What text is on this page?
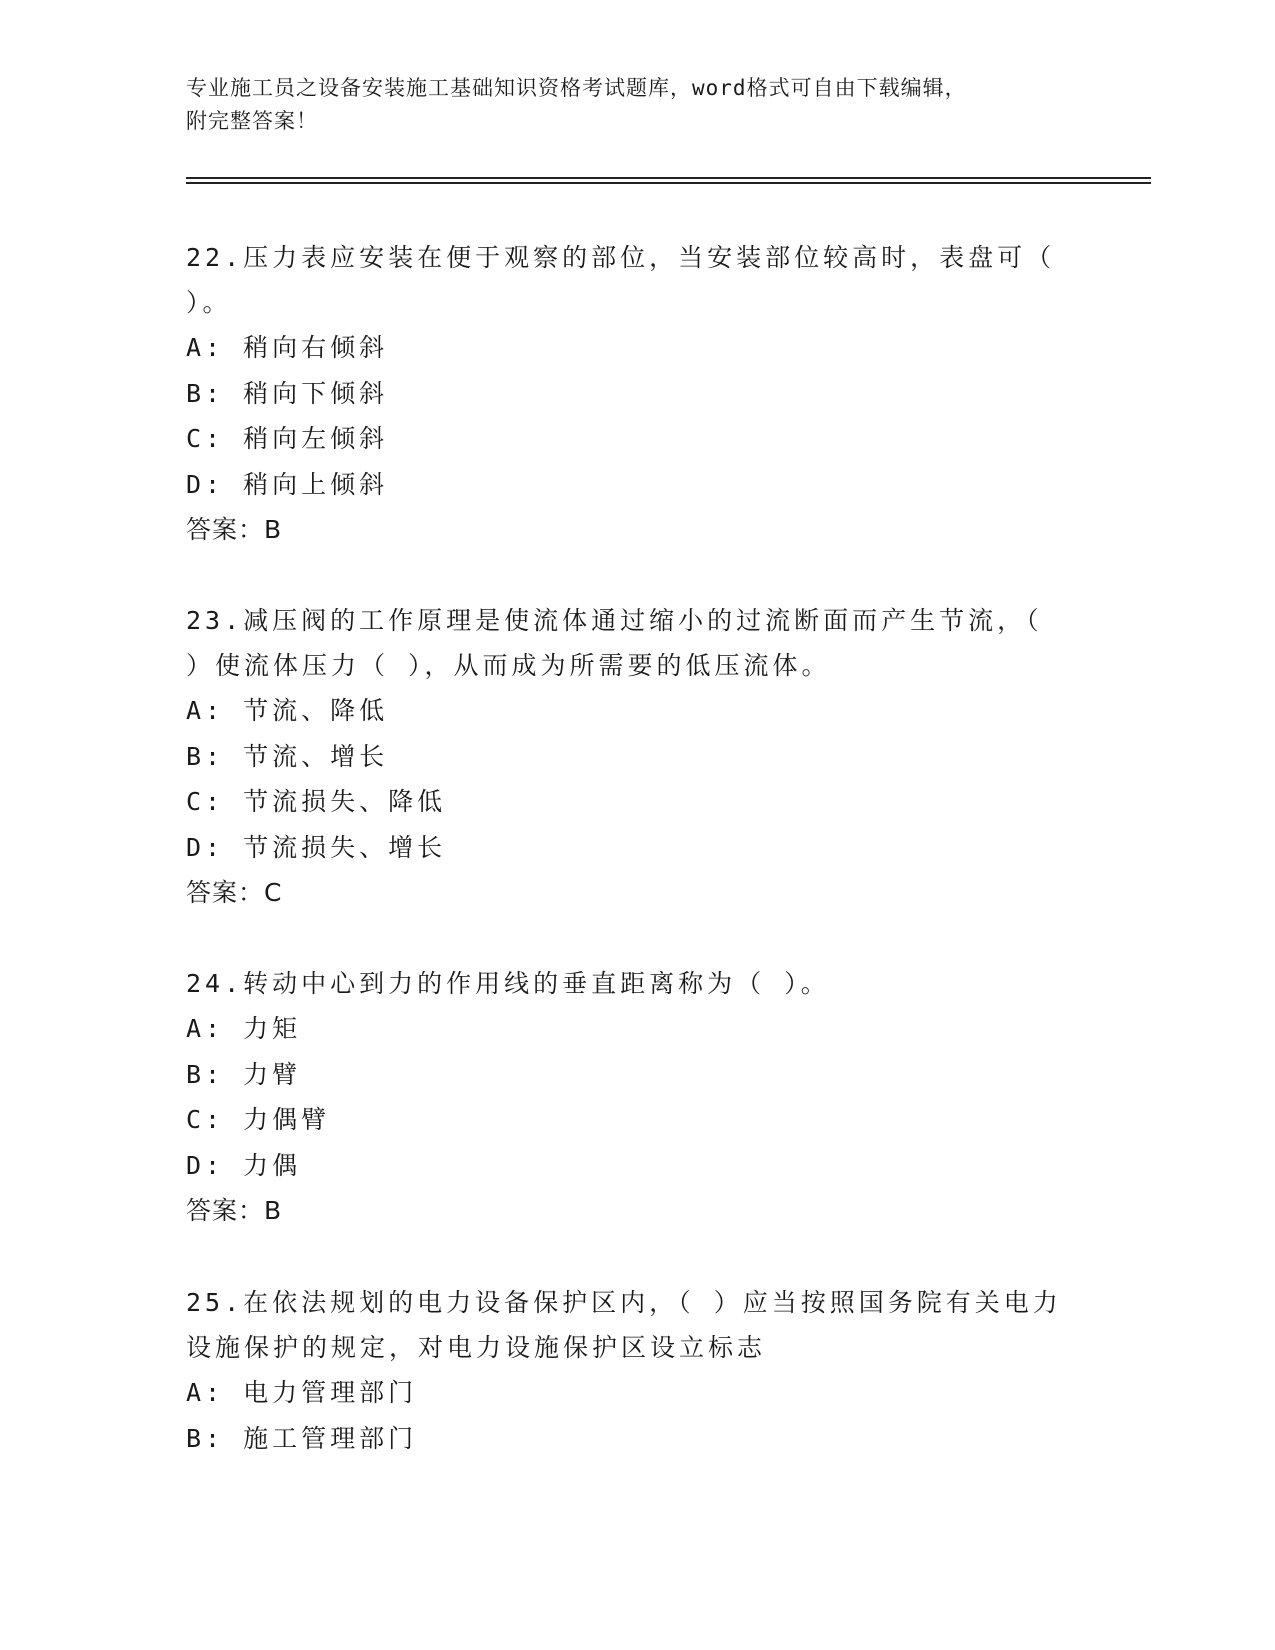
专业施工员之设备安装施工基础知识资格考试题库，word格式可自由下载编辑，
附完整答案！

22.压力表应安装在便于观察的部位，当安装部位较高时，表盘可（

）。

A: 稍向右倾斜

B: 稍向下倾斜

C: 稍向左倾斜

D: 稍向上倾斜

答案：B

23.减压阀的工作原理是使流体通过缩小的过流断面而产生节流，（

）使流体压力（ ），从而成为所需要的低压流体。

A: 节流、降低

B: 节流、增长

C: 节流损失、降低

D: 节流损失、增长

答案：C

24.转动中心到力的作用线的垂直距离称为（ ）。

A: 力矩

B: 力臂

C: 力偶臂

D: 力偶

答案：B

25.在依法规划的电力设备保护区内，（ ）应当按照国务院有关电力

设施保护的规定，对电力设施保护区设立标志

A: 电力管理部门

B: 施工管理部门
